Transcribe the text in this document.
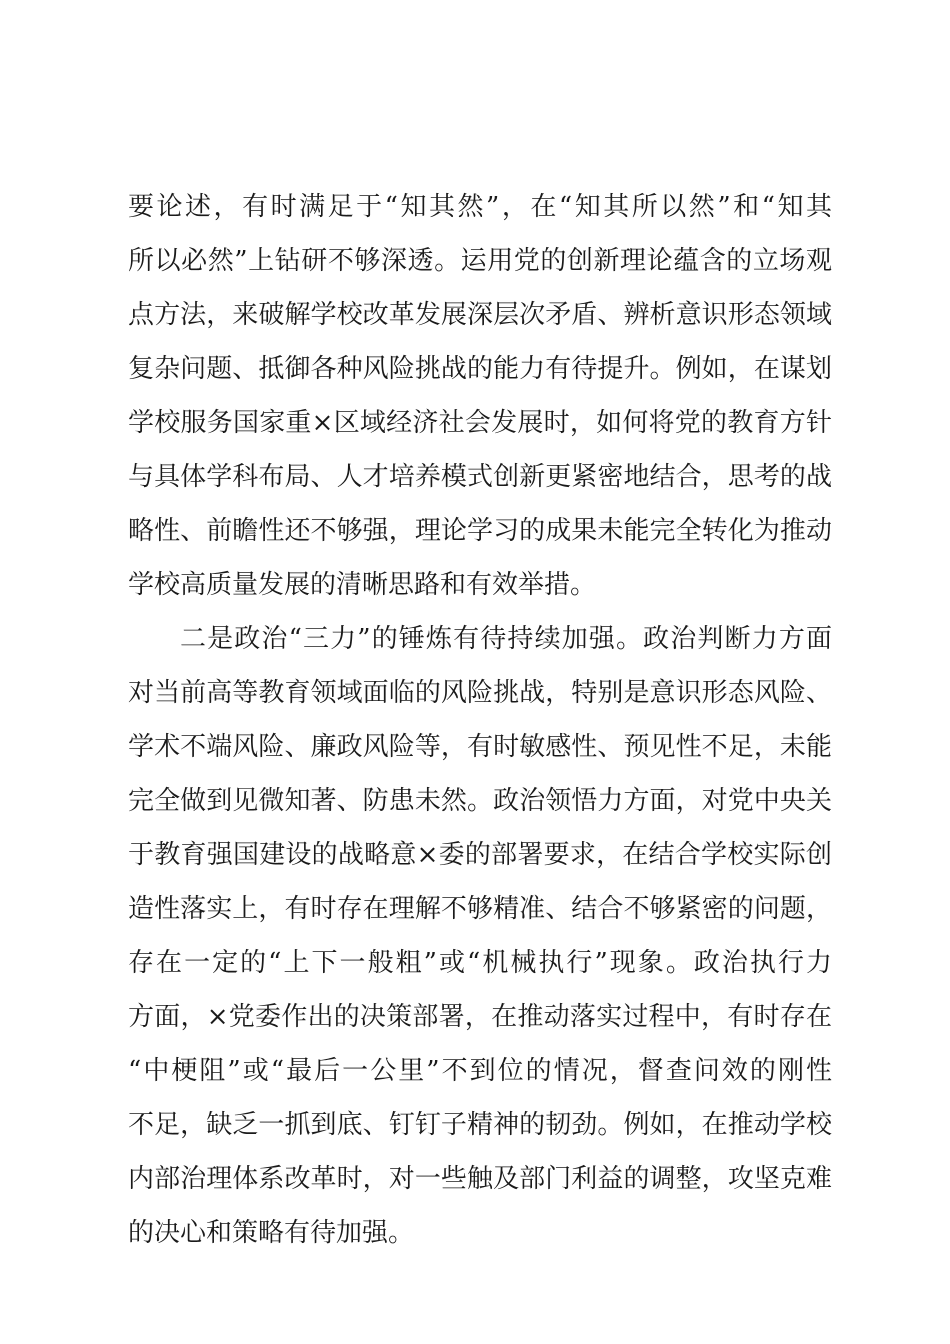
要论述，有时满足于“知其然”，在“知其所以然”和“知其
所以必然”上钻研不够深透。运用党的创新理论蕴含的立场观
点方法，来破解学校改革发展深层次矛盾、辨析意识形态领域
复杂问题、抵御各种风险挑战的能力有待提升。例如，在谋划
学校服务国家重×区域经济社会发展时，如何将党的教育方针
与具体学科布局、人才培养模式创新更紧密地结合，思考的战
略性、前瞻性还不够强，理论学习的成果未能完全转化为推动
学校高质量发展的清晰思路和有效举措。
二是政治“三力”的锤炼有待持续加强。政治判断力方面
对当前高等教育领域面临的风险挑战，特别是意识形态风险、
学术不端风险、廉政风险等，有时敏感性、预见性不足，未能
完全做到见微知著、防患未然。政治领悟力方面，对党中央关
于教育强国建设的战略意×委的部署要求，在结合学校实际创
造性落实上，有时存在理解不够精准、结合不够紧密的问题，
存在一定的“上下一般粗”或“机械执行”现象。政治执行力
方面，×党委作出的决策部署，在推动落实过程中，有时存在
“中梗阻”或“最后一公里”不到位的情况，督查问效的刚性
不足，缺乏一抓到底、钉钉子精神的韧劲。例如，在推动学校
内部治理体系改革时，对一些触及部门利益的调整，攻坚克难
的决心和策略有待加强。
